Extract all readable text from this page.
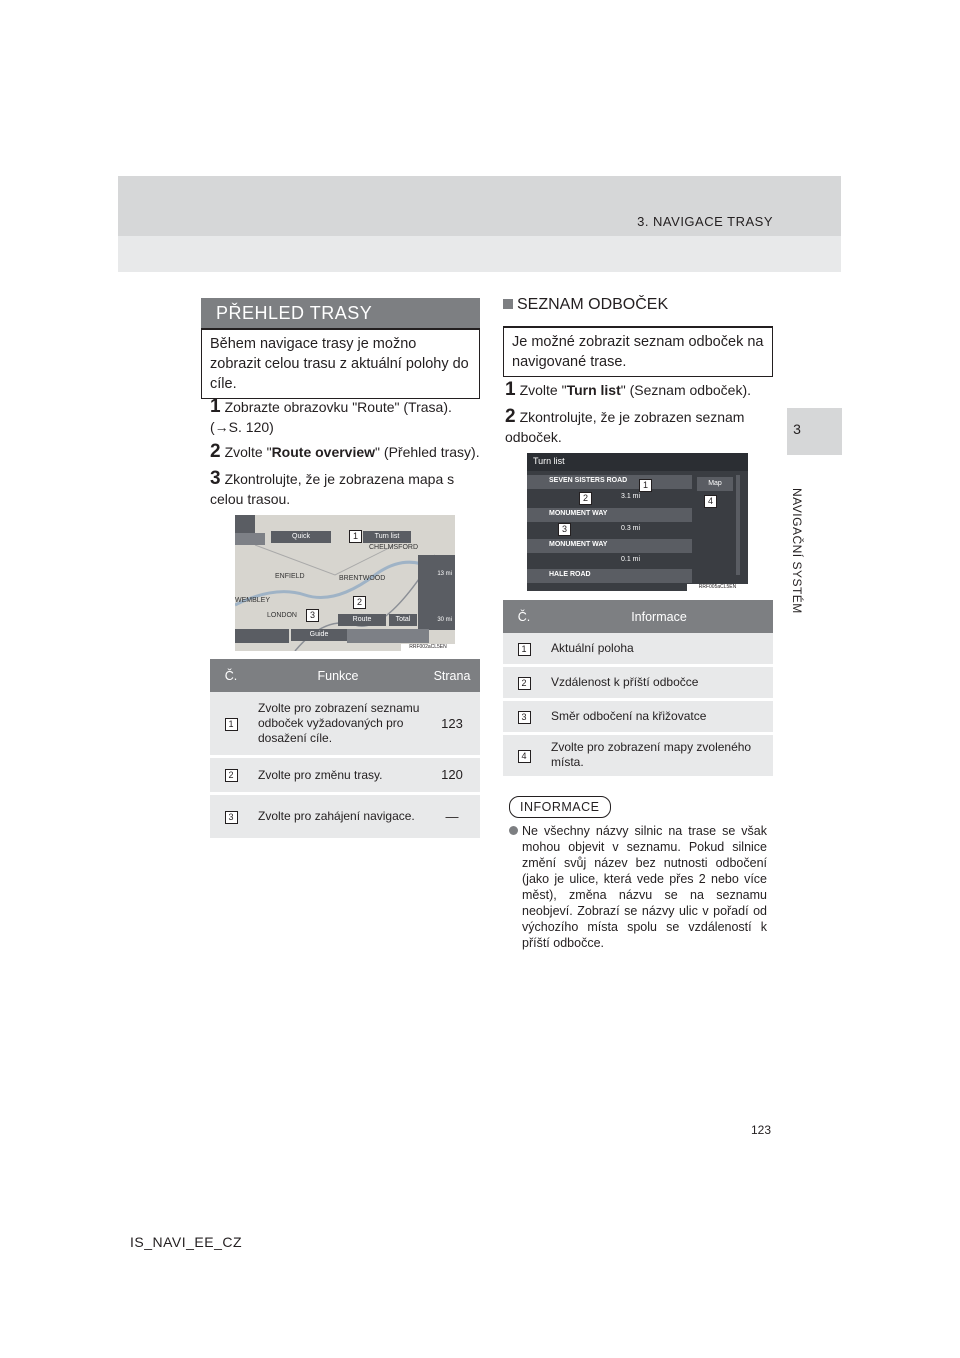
3. NAVIGACE TRASY
3
NAVIGAČNÍ SYSTÉM
PŘEHLED TRASY
Během navigace trasy je možno zobrazit celou trasu z aktuální polohy do cíle.
1 Zobrazte obrazovku "Route" (Trasa). (→S. 120)
2 Zvolte "Route overview" (Přehled trasy).
3 Zkontrolujte, že je zobrazena mapa s celou trasou.
Quick	Turn list
13 mi
30 mi
Route	Total
Guide
ENFIELD	BRENTWOOD
WEMBLEY
LONDON
CHELMSFORD
1
2
3
RRF002aCL5EN
Č.	Funkce	Strana
1	Zvolte pro zobrazení seznamu odboček vyžadovaných pro dosažení cíle.	123
2	Zvolte pro změnu trasy.	120
3	Zvolte pro zahájení navigace.	—
SEZNAM ODBOČEK
Je možné zobrazit seznam odboček na navigované trase.
1 Zvolte "Turn list" (Seznam odboček).
2 Zkontrolujte, že je zobrazen seznam odboček.
Turn list
SEVEN SISTERS ROAD
3.1 mi
MONUMENT WAY
0.3 mi
MONUMENT WAY
0.1 mi
HALE ROAD
Map
1
2
3
4
RRF005aCL5EN
Č.	Informace
1	Aktuální poloha
2	Vzdálenost k příští odbočce
3	Směr odbočení na křižovatce
4	Zvolte pro zobrazení mapy zvoleného místa.
INFORMACE
Ne všechny názvy silnic na trase se však mohou objevit v seznamu. Pokud silnice změní svůj název bez nutnosti odbočení (jako je ulice, která vede přes 2 nebo více měst), změna názvu se na seznamu neobjeví. Zobrazí se názvy ulic v pořadí od výchozího místa spolu se vzdáleností k příští odbočce.
123
IS_NAVI_EE_CZ
